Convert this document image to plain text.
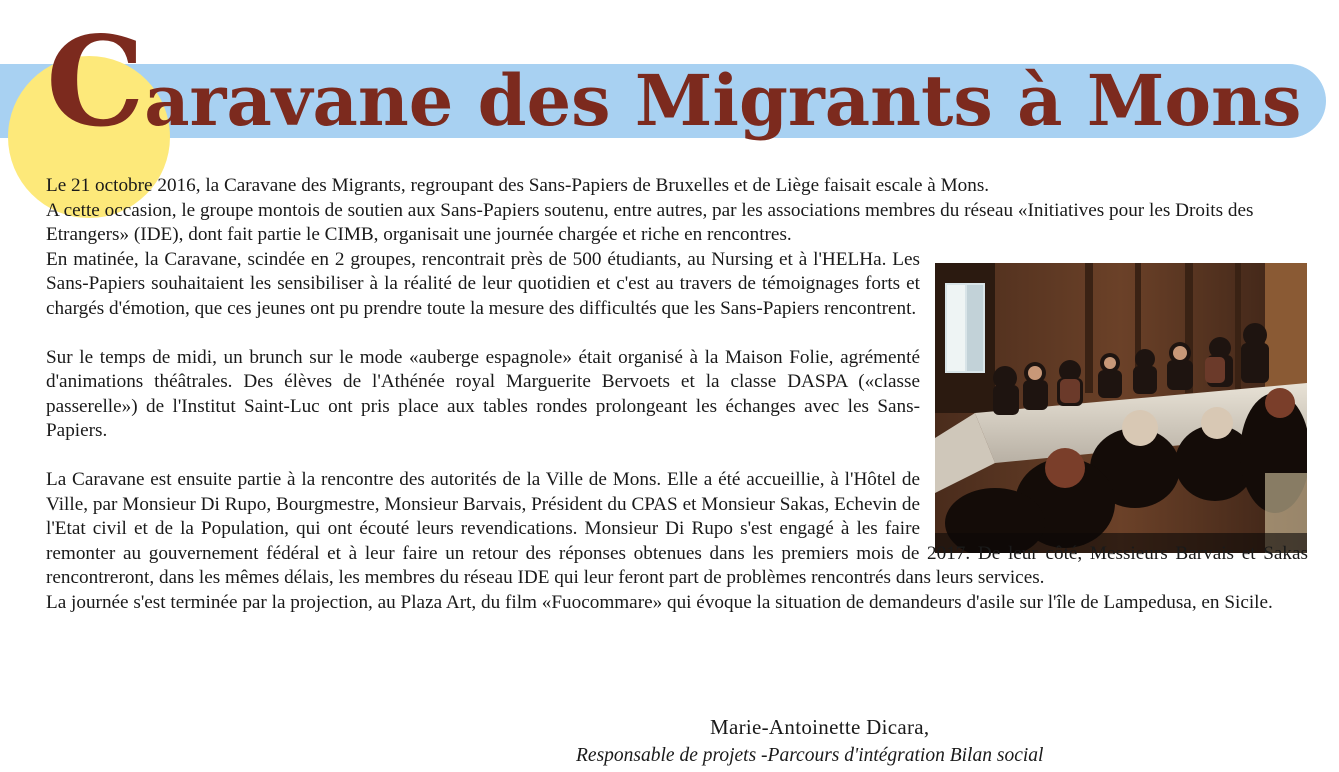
Caravane des Migrants à Mons

Le 21 octobre 2016, la Caravane des Migrants, regroupant des Sans-Papiers de Bruxelles et de Liège faisait escale à Mons.

A cette occasion, le groupe montois de soutien aux Sans-Papiers soutenu, entre autres, par les associations membres du réseau «Initiatives pour les Droits des Etrangers» (IDE), dont fait partie le CIMB, organisait une journée chargée et riche en rencontres.

En matinée, la Caravane, scindée en 2 groupes, rencontrait près de 500 étudiants, au Nursing et à l'HELHa. Les Sans-Papiers souhaitaient les sensibiliser à la réalité de leur quotidien et c'est au travers de témoignages forts et chargés d'émotion, que ces jeunes ont pu prendre toute la mesure des difficultés que les Sans-Papiers rencontrent.

Sur le temps de midi, un brunch sur le mode «auberge espagnole» était organisé à la Maison Folie, agrémenté d'animations théâtrales. Des élèves de l'Athénée royal Marguerite Bervoets et la classe DASPA («classe passerelle») de l'Institut Saint-Luc ont pris place aux tables rondes prolongeant les échanges avec les Sans-Papiers.

La Caravane est ensuite partie à la rencontre des autorités de la Ville de Mons. Elle a été accueillie, à l'Hôtel de Ville, par Monsieur Di Rupo, Bourgmestre, Monsieur Barvais, Président du CPAS et Monsieur Sakas, Echevin de l'Etat civil et de la Population, qui ont écouté leurs revendications. Monsieur Di Rupo s'est engagé à les faire remonter au gouvernement fédéral et à leur faire un retour des réponses obtenues dans les premiers mois de 2017. De leur côté, Messieurs Barvais et Sakas rencontreront, dans les mêmes délais, les membres du réseau IDE qui leur feront part de problèmes rencontrés dans leurs services.

La journée s'est terminée par la projection, au Plaza Art, du film «Fuocommare» qui évoque la situation de demandeurs d'asile sur l'île de Lampedusa, en Sicile.

Marie-Antoinette Dicara,
Responsable de projets -Parcours d'intégration Bilan social
